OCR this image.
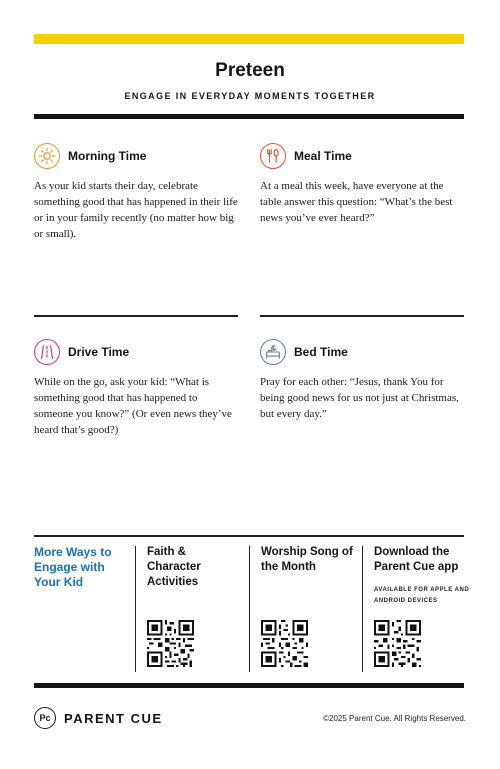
Preteen
ENGAGE IN EVERYDAY MOMENTS TOGETHER
Morning Time
As your kid starts their day, celebrate something good that has happened in their life or in your family recently (no matter how big or small).
Meal Time
At a meal this week, have everyone at the table answer this question: “What’s the best news you’ve ever heard?”
Drive Time
While on the go, ask your kid: “What is something good that has happened to someone you know?” (Or even news they’ve heard that’s good?)
Bed Time
Pray for each other: “Jesus, thank You for being good news for us not just at Christmas, but every day.”
More Ways to Engage with Your Kid
Faith & Character Activities
Worship Song of the Month
Download the Parent Cue app
AVAILABLE FOR APPLE AND ANDROID DEVICES
Pc	PARENT CUE	©2025 Parent Cue. All Rights Reserved.
